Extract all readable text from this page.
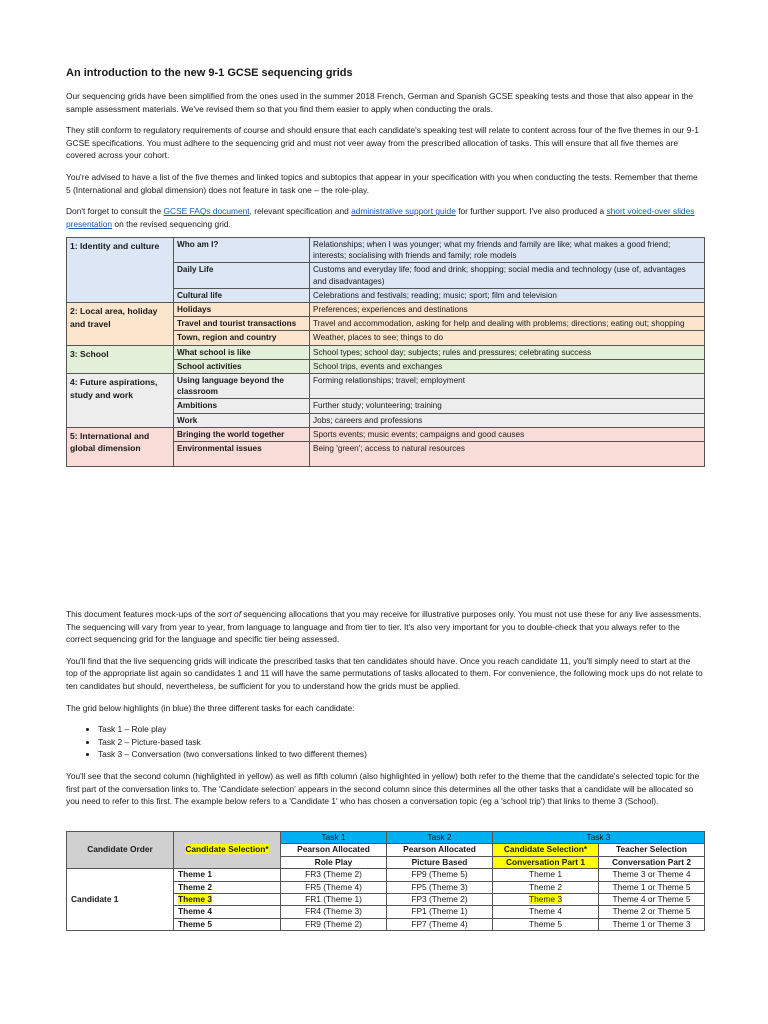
An introduction to the new 9-1 GCSE sequencing grids

Our sequencing grids have been simplified from the ones used in the summer 2018 French, German and Spanish GCSE speaking tests and those that also appear in the sample assessment materials. We've revised them so that you find them easier to apply when conducting the orals.

They still conform to regulatory requirements of course and should ensure that each candidate's speaking test will relate to content across four of the five themes in our 9-1 GCSE specifications. You must adhere to the sequencing grid and must not veer away from the prescribed allocation of tasks. This will ensure that all five themes are covered across your cohort.

You're advised to have a list of the five themes and linked topics and subtopics that appear in your specification with you when conducting the tests. Remember that theme 5 (International and global dimension) does not feature in task one – the role-play.

Don't forget to consult the GCSE FAQs document, relevant specification and administrative support guide for further support. I've also produced a short voiced-over slides presentation on the revised sequencing grid.

1: Identity and culture	Who am I?	Relationships; when I was younger; what my friends and family are like; what makes a good friend; interests; socialising with friends and family; role models
	Daily Life	Customs and everyday life; food and drink; shopping; social media and technology (use of, advantages and disadvantages)
	Cultural life	Celebrations and festivals; reading; music; sport; film and television
2: Local area, holiday and travel	Holidays	Preferences; experiences and destinations
	Travel and tourist transactions	Travel and accommodation, asking for help and dealing with problems; directions; eating out; shopping
	Town, region and country	Weather, places to see; things to do
3: School	What school is like	School types; school day; subjects; rules and pressures; celebrating success
	School activities	School trips, events and exchanges
4: Future aspirations, study and work	Using language beyond the classroom	Forming relationships; travel; employment
	Ambitions	Further study; volunteering; training
	Work	Jobs; careers and professions
5: International and global dimension	Bringing the world together	Sports events; music events; campaigns and good causes
	Environmental issues	Being 'green'; access to natural resources

This document features mock-ups of the sort of sequencing allocations that you may receive for illustrative purposes only. You must not use these for any live assessments. The sequencing will vary from year to year, from language to language and from tier to tier. It's also very important for you to double-check that you always refer to the correct sequencing grid for the language and specific tier being assessed.

You'll find that the live sequencing grids will indicate the prescribed tasks that ten candidates should have. Once you reach candidate 11, you'll simply need to start at the top of the appropriate list again so candidates 1 and 11 will have the same permutations of tasks allocated to them. For convenience, the following mock ups do not relate to ten candidates but should, nevertheless, be sufficient for you to understand how the grids must be applied.

The grid below highlights (in blue) the three different tasks for each candidate:

• Task 1 – Role play
• Task 2 – Picture-based task
• Task 3 – Conversation (two conversations linked to two different themes)

You'll see that the second column (highlighted in yellow) as well as fifth column (also highlighted in yellow) both refer to the theme that the candidate's selected topic for the first part of the conversation links to. The 'Candidate selection' appears in the second column since this determines all the other tasks that a candidate will be allocated so you need to refer to this first. The example below refers to a 'Candidate 1' who has chosen a conversation topic (eg a 'school trip') that links to theme 3 (School).

Candidate Order	Candidate Selection*	Task 1	Task 2	Task 3	
		Pearson Allocated	Pearson Allocated	Candidate Selection*	Teacher Selection
		Role Play	Picture Based	Conversation Part 1	Conversation Part 2
Candidate 1	Theme 1	FR3 (Theme 2)	FP9 (Theme 5)	Theme 1	Theme 3 or Theme 4
	Theme 2	FR5 (Theme 4)	FP5 (Theme 3)	Theme 2	Theme 1 or Theme 5
	Theme 3	FR1 (Theme 1)	FP3 (Theme 2)	Theme 3	Theme 4 or Theme 5
	Theme 4	FR4 (Theme 3)	FP1 (Theme 1)	Theme 4	Theme 2 or Theme 5
	Theme 5	FR9 (Theme 2)	FP7 (Theme 4)	Theme 5	Theme 1 or Theme 3
